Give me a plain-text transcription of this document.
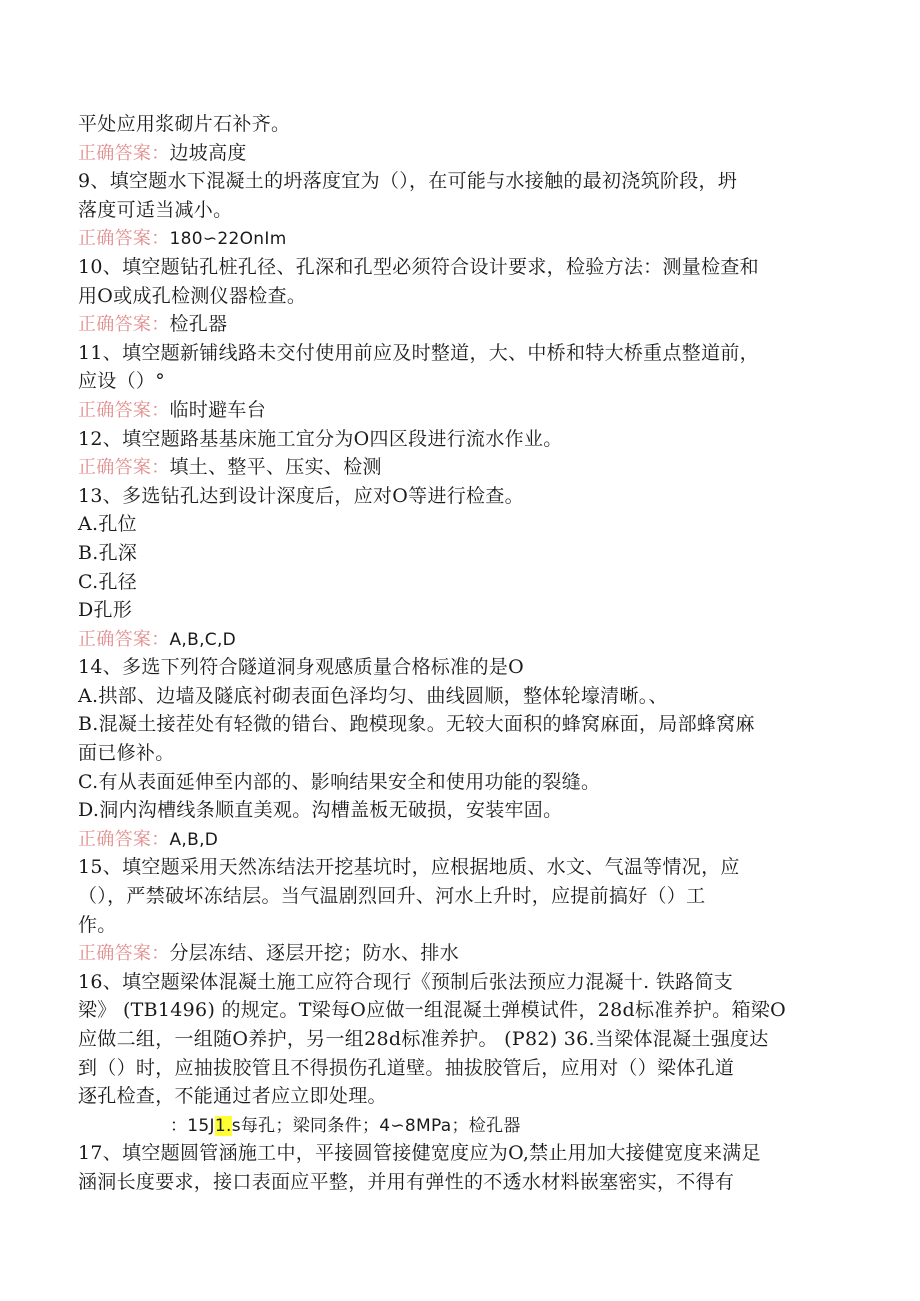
平处应用浆砌片石补齐。
正确答案：边坡高度
9、填空题水下混凝土的坍落度宜为（），在可能与水接触的最初浇筑阶段，坍
落度可适当减小。
正确答案：180∽22OnIm
10、填空题钻孔桩孔径、孔深和孔型必须符合设计要求，检验方法：测量检查和
用O或成孔检测仪器检查。
正确答案：检孔器
11、填空题新铺线路未交付使用前应及时整道，大、中桥和特大桥重点整道前，
应设（）°
正确答案：临时避车台
12、填空题路基基床施工宜分为O四区段进行流水作业。
正确答案：填土、整平、压实、检测
13、多选钻孔达到设计深度后，应对O等进行检查。
A.孔位
B.孔深
C.孔径
D孔形
正确答案：A,B,C,D
14、多选下列符合隧道洞身观感质量合格标准的是O
A.拱部、边墙及隧底衬砌表面色泽均匀、曲线圆顺，整体轮壕清晰。、
B.混凝土接茬处有轻微的错台、跑模现象。无较大面积的蜂窝麻面，局部蜂窝麻
面已修补。
C.有从表面延伸至内部的、影响结果安全和使用功能的裂缝。
D.洞内沟槽线条顺直美观。沟槽盖板无破损，安装牢固。
正确答案：A,B,D
15、填空题采用天然冻结法开挖基坑时，应根据地质、水文、气温等情况，应
（），严禁破坏冻结层。当气温剧烈回升、河水上升时，应提前搞好（）工
作。
正确答案：分层冻结、逐层开挖；防水、排水
16、填空题梁体混凝土施工应符合现行《预制后张法预应力混凝十. 铁路简支
梁》 (TB1496) 的规定。T梁每O应做一组混凝土弹模试件，28d标准养护。箱梁O
应做二组，一组随O养护，另一组28d标准养护。 (P82) 36.当梁体混凝土强度达
到（）时，应抽拔胶管且不得损伤孔道壁。抽拔胶管后，应用对（）梁体孔道
逐孔检查，不能通过者应立即处理。
：15J1.s每孔；梁同条件；4∽8MPa；检孔器
17、填空题圆管涵施工中，平接圆管接健宽度应为O,禁止用加大接健宽度来满足
涵洞长度要求，接口表面应平整，并用有弹性的不透水材料嵌塞密实，不得有
